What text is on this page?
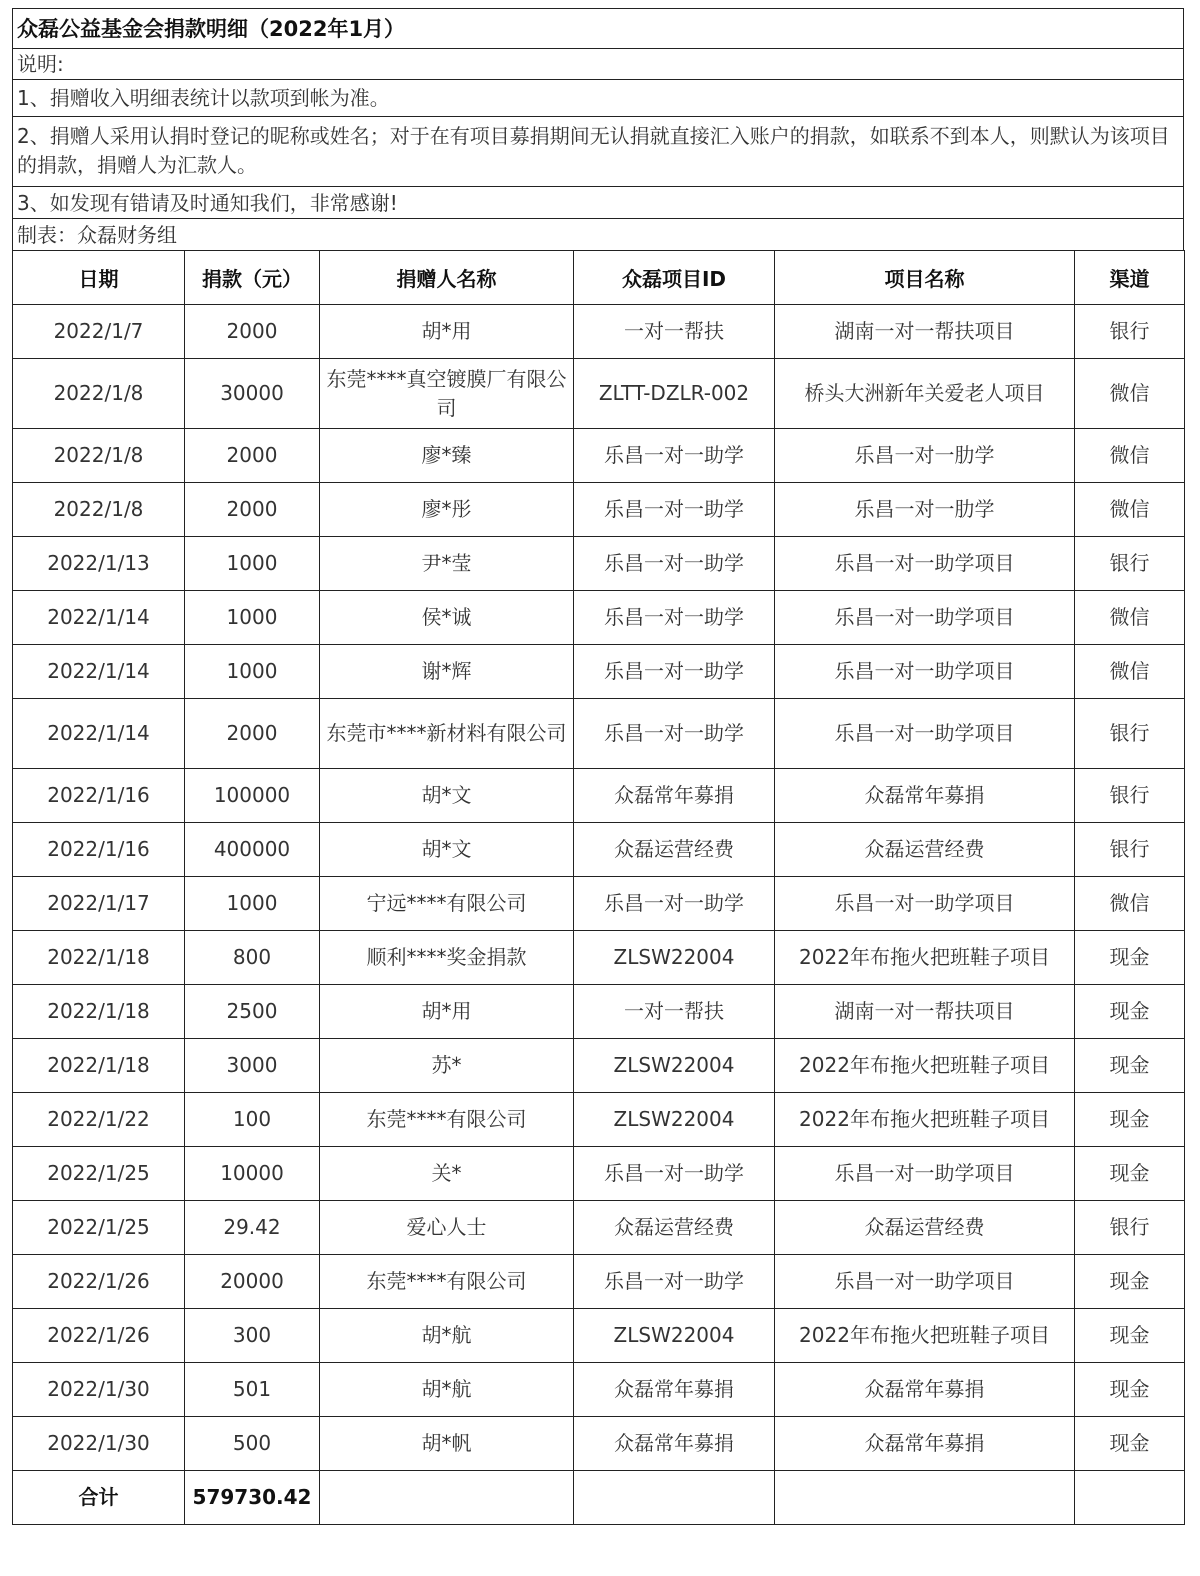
众磊公益基金会捐款明细（2022年1月）
说明:
1、捐赠收入明细表统计以款项到帐为准。
2、捐赠人采用认捐时登记的昵称或姓名；对于在有项目募捐期间无认捐就直接汇入账户的捐款，如联系不到本人，则默认为该项目的捐款，捐赠人为汇款人。
3、如发现有错请及时通知我们，非常感谢!
制表：众磊财务组
日期	捐款（元）	捐赠人名称	众磊项目ID	项目名称	渠道
2022/1/7	2000	胡*用	一对一帮扶	湖南一对一帮扶项目	银行
2022/1/8	30000	东莞****真空镀膜厂有限公司	ZLTT-DZLR-002	桥头大洲新年关爱老人项目	微信
2022/1/8	2000	廖*臻	乐昌一对一助学	乐昌一对一肋学	微信
2022/1/8	2000	廖*彤	乐昌一对一助学	乐昌一对一肋学	微信
2022/1/13	1000	尹*莹	乐昌一对一助学	乐昌一对一助学项目	银行
2022/1/14	1000	侯*诚	乐昌一对一助学	乐昌一对一助学项目	微信
2022/1/14	1000	谢*辉	乐昌一对一助学	乐昌一对一助学项目	微信
2022/1/14	2000	东莞市****新材料有限公司	乐昌一对一助学	乐昌一对一助学项目	银行
2022/1/16	100000	胡*文	众磊常年募捐	众磊常年募捐	银行
2022/1/16	400000	胡*文	众磊运营经费	众磊运营经费	银行
2022/1/17	1000	宁远****有限公司	乐昌一对一助学	乐昌一对一助学项目	微信
2022/1/18	800	顺利****奖金捐款	ZLSW22004	2022年布拖火把班鞋子项目	现金
2022/1/18	2500	胡*用	一对一帮扶	湖南一对一帮扶项目	现金
2022/1/18	3000	苏*	ZLSW22004	2022年布拖火把班鞋子项目	现金
2022/1/22	100	东莞****有限公司	ZLSW22004	2022年布拖火把班鞋子项目	现金
2022/1/25	10000	关*	乐昌一对一助学	乐昌一对一助学项目	现金
2022/1/25	29.42	爱心人士	众磊运营经费	众磊运营经费	银行
2022/1/26	20000	东莞****有限公司	乐昌一对一助学	乐昌一对一助学项目	现金
2022/1/26	300	胡*航	ZLSW22004	2022年布拖火把班鞋子项目	现金
2022/1/30	501	胡*航	众磊常年募捐	众磊常年募捐	现金
2022/1/30	500	胡*帆	众磊常年募捐	众磊常年募捐	现金
合计	579730.42				
